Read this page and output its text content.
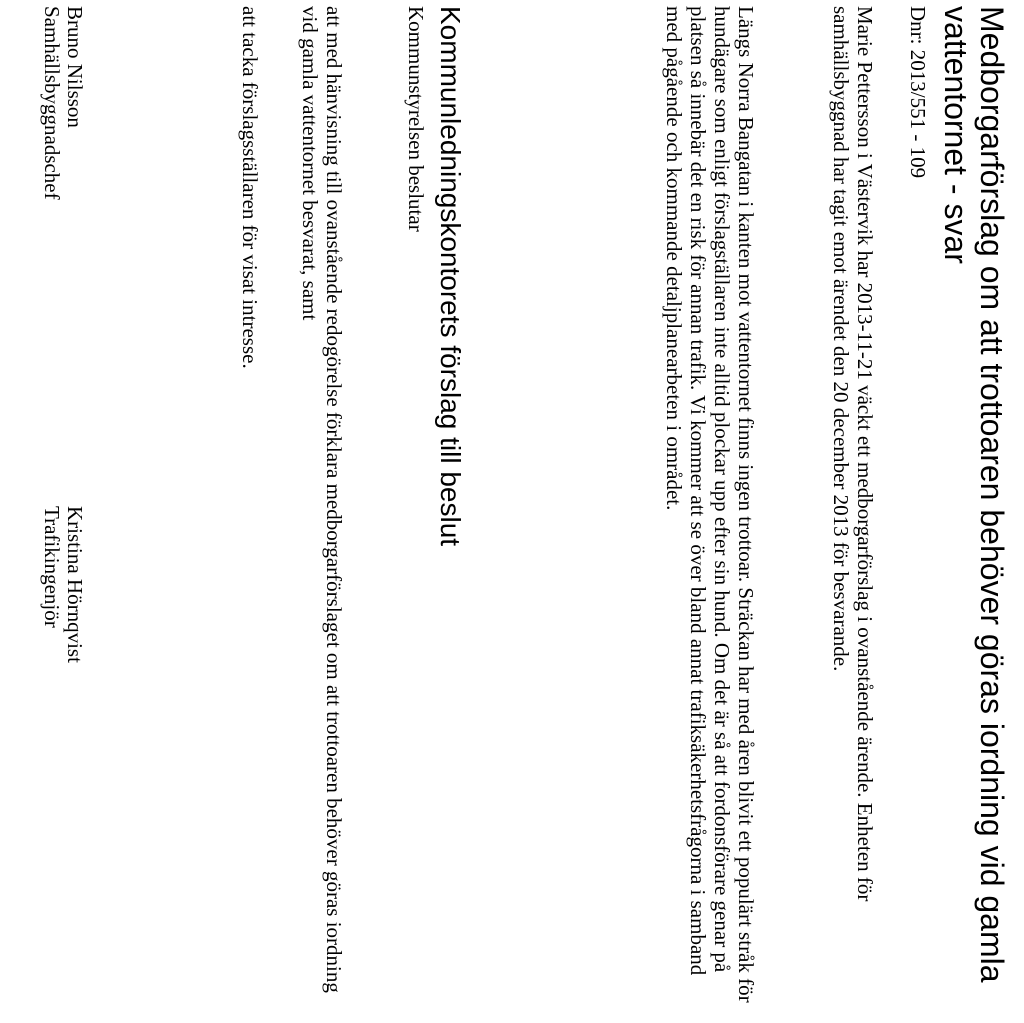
Medborgarförslag om att trottoaren behöver göras iordning vid gamla vattentornet - svar
Dnr: 2013/551 - 109

Marie Pettersson i Västervik har 2013-11-21 väckt ett medborgarförslag i ovanstående ärende. Enheten för samhällsbyggnad har tagit emot ärendet den 20 december 2013 för besvarande.

Längs Norra Bangatan i kanten mot vattentornet finns ingen trottoar. Sträckan har med åren blivit ett populärt stråk för hundägare som enligt förslagställaren inte alltid plockar upp efter sin hund. Om det är så att fordonsförare genar på platsen så innebär det en risk för annan trafik. Vi kommer att se över bland annat trafiksäkerhetsfrågorna i samband med pågående och kommande detaljplanearbeten i området.

Kommunledningskontorets förslag till beslut
Kommunstyrelsen beslutar

att med hänvisning till ovanstående redogörelse förklara medborgarförslaget om att trottoaren behöver göras iordning vid gamla vattentornet besvarat, samt

att tacka förslagsställaren för visat intresse.

Bruno Nilsson
Samhällsbyggnadschef
Kristina Hörnqvist
Trafikingenjör
